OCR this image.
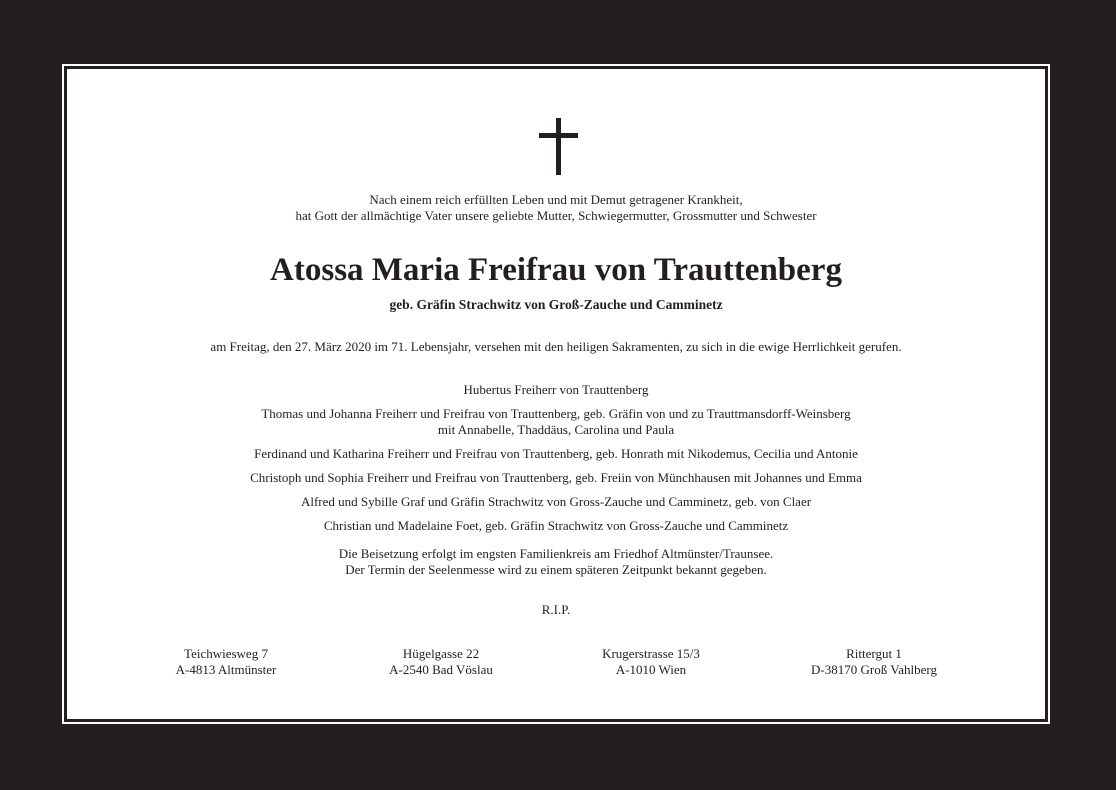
Nach einem reich erfüllten Leben und mit Demut getragener Krankheit,
hat Gott der allmächtige Vater unsere geliebte Mutter, Schwiegermutter, Grossmutter und Schwester
Atossa Maria Freifrau von Trauttenberg
geb. Gräfin Strachwitz von Groß-Zauche und Camminetz
am Freitag, den 27. März 2020 im 71. Lebensjahr, versehen mit den heiligen Sakramenten, zu sich in die ewige Herrlichkeit gerufen.
Hubertus Freiherr von Trauttenberg
Thomas und Johanna Freiherr und Freifrau von Trauttenberg, geb. Gräfin von und zu Trauttmansdorff-Weinsberg
mit Annabelle, Thaddäus, Carolina und Paula
Ferdinand und Katharina Freiherr und Freifrau von Trauttenberg, geb. Honrath mit Nikodemus, Cecilia und Antonie
Christoph und Sophia Freiherr und Freifrau von Trauttenberg, geb. Freiin von Münchhausen mit Johannes und Emma
Alfred und Sybille Graf und Gräfin Strachwitz von Gross-Zauche und Camminetz, geb. von Claer
Christian und Madelaine Foet, geb. Gräfin Strachwitz von Gross-Zauche und Camminetz
Die Beisetzung erfolgt im engsten Familienkreis am Friedhof Altmünster/Traunsee.
Der Termin der Seelenmesse wird zu einem späteren Zeitpunkt bekannt gegeben.
R.I.P.
Teichwiesweg 7
A-4813 Altmünster
Hügelgasse 22
A-2540 Bad Vöslau
Krugerstrasse 15/3
A-1010 Wien
Rittergut 1
D-38170 Groß Vahlberg
